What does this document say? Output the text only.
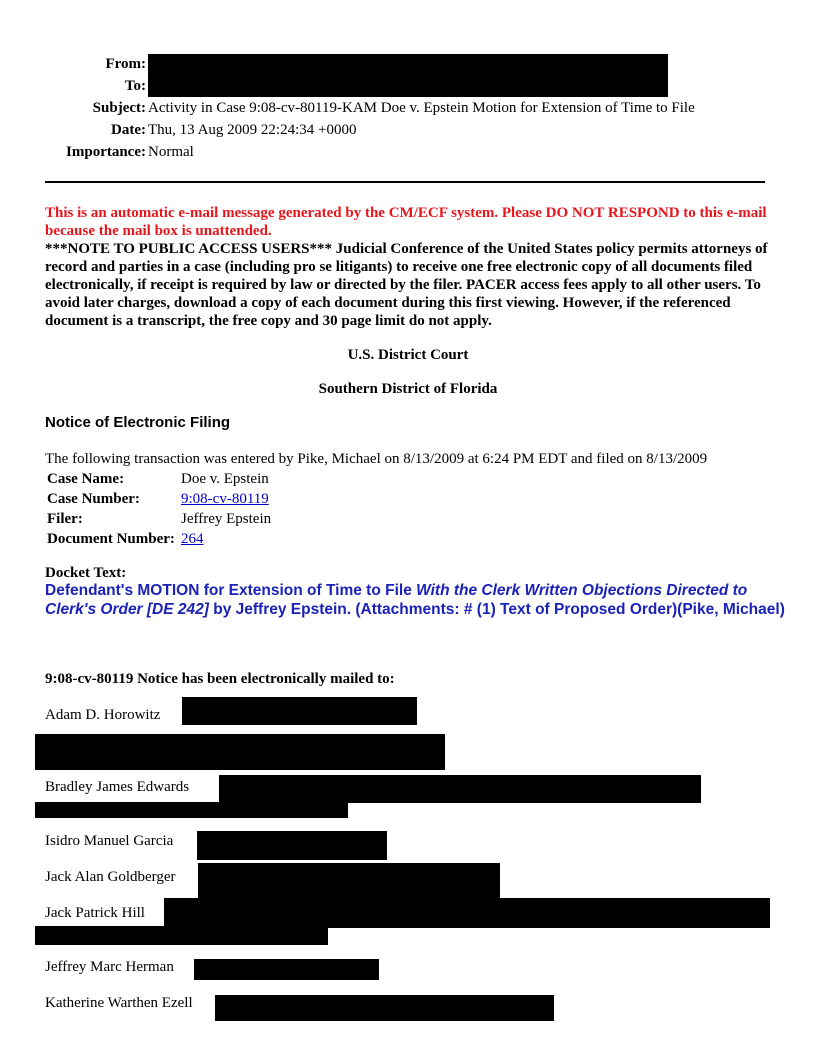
From:
To:
Subject: Activity in Case 9:08-cv-80119-KAM Doe v. Epstein Motion for Extension of Time to File
Date: Thu, 13 Aug 2009 22:24:34 +0000
Importance: Normal
This is an automatic e-mail message generated by the CM/ECF system. Please DO NOT RESPOND to this e-mail because the mail box is unattended.
***NOTE TO PUBLIC ACCESS USERS*** Judicial Conference of the United States policy permits attorneys of record and parties in a case (including pro se litigants) to receive one free electronic copy of all documents filed electronically, if receipt is required by law or directed by the filer. PACER access fees apply to all other users. To avoid later charges, download a copy of each document during this first viewing. However, if the referenced document is a transcript, the free copy and 30 page limit do not apply.
U.S. District Court
Southern District of Florida
Notice of Electronic Filing
The following transaction was entered by Pike, Michael on 8/13/2009 at 6:24 PM EDT and filed on 8/13/2009
Case Name:	Doe v. Epstein
Case Number:	9:08-cv-80119
Filer:	Jeffrey Epstein
Document Number:	264
Docket Text:
Defendant's MOTION for Extension of Time to File With the Clerk Written Objections Directed to Clerk's Order [DE 242] by Jeffrey Epstein. (Attachments: # (1) Text of Proposed Order)(Pike, Michael)
9:08-cv-80119 Notice has been electronically mailed to:
Adam D. Horowitz
Bradley James Edwards
Isidro Manuel Garcia
Jack Alan Goldberger
Jack Patrick Hill
Jeffrey Marc Herman
Katherine Warthen Ezell
